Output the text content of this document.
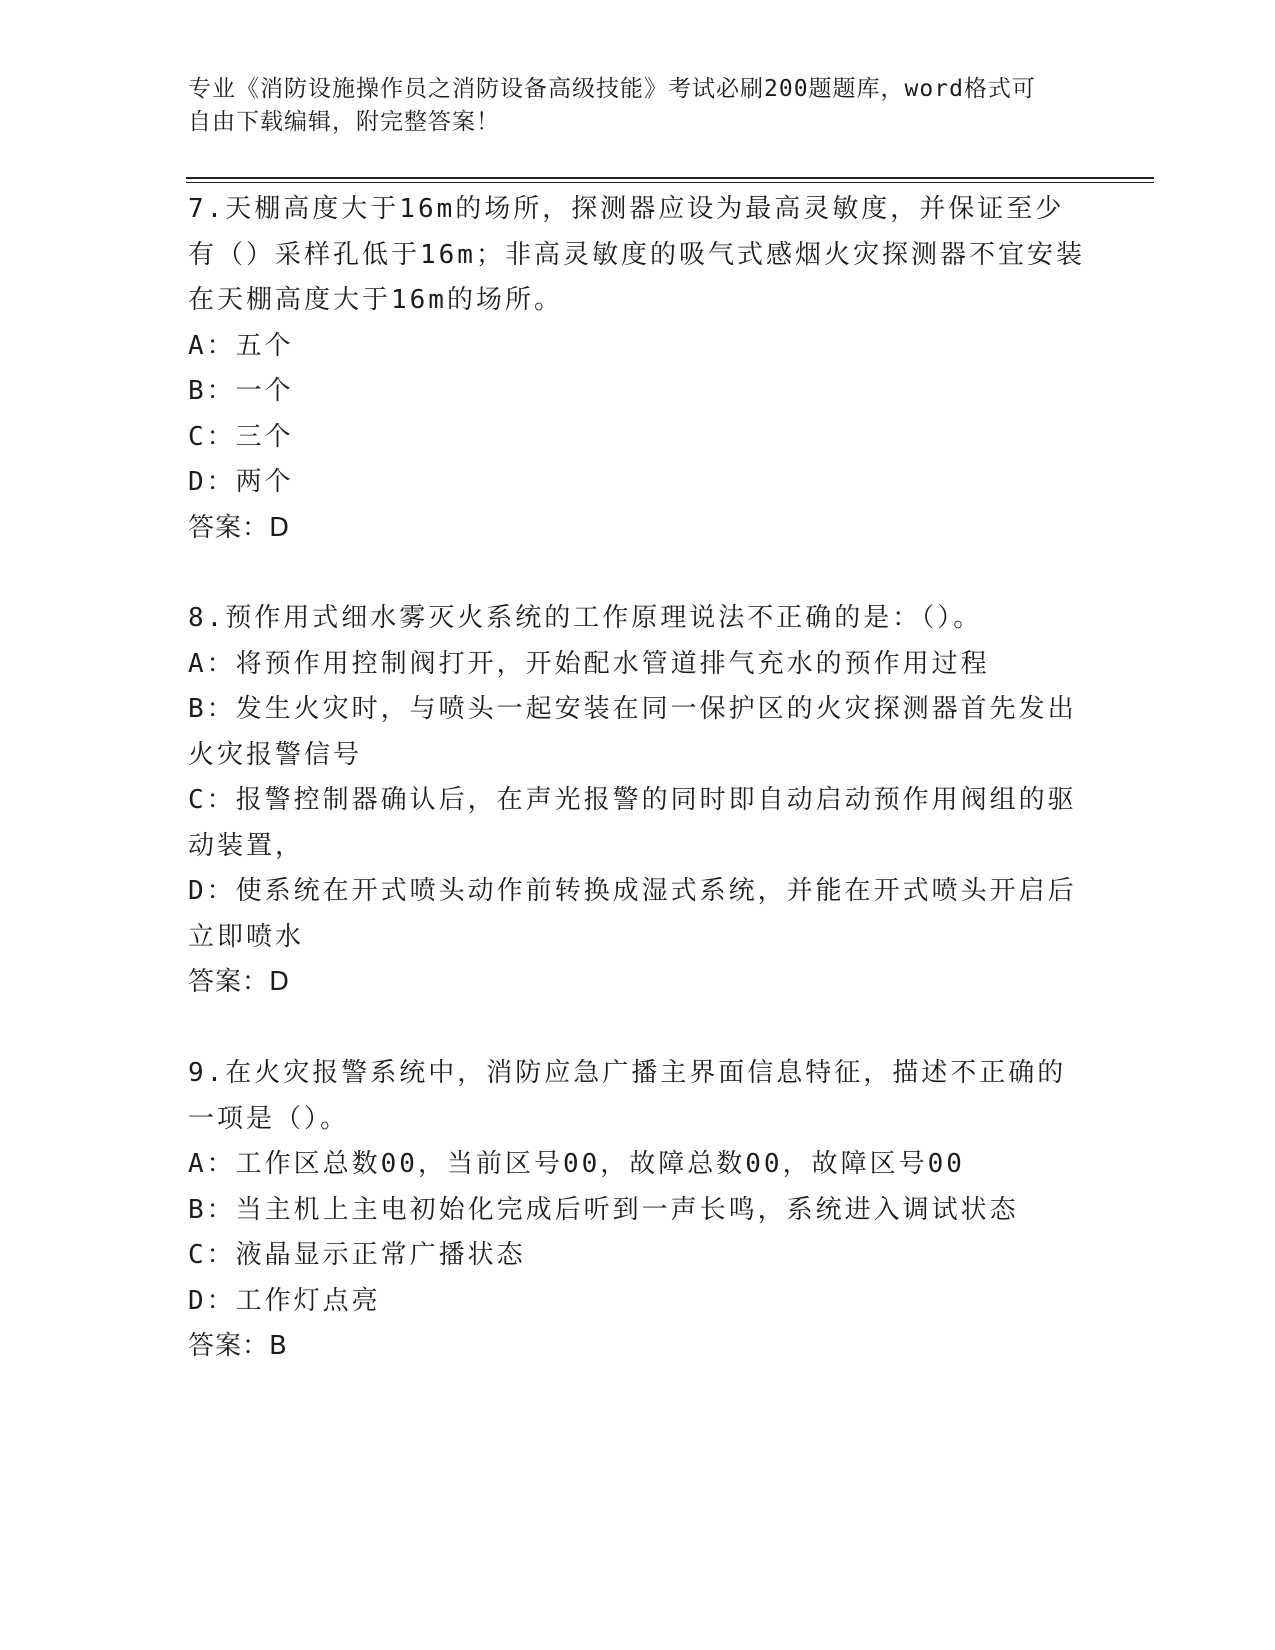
专业《消防设施操作员之消防设备高级技能》考试必刷200题题库，word格式可
自由下载编辑，附完整答案！
7.天棚高度大于16m的场所，探测器应设为最高灵敏度，并保证至少
有（）采样孔低于16m；非高灵敏度的吸气式感烟火灾探测器不宜安装
在天棚高度大于16m的场所。
A：五个
B：一个
C：三个
D：两个
答案：D
8.预作用式细水雾灭火系统的工作原理说法不正确的是：（）。
A：将预作用控制阀打开，开始配水管道排气充水的预作用过程
B：发生火灾时，与喷头一起安装在同一保护区的火灾探测器首先发出
火灾报警信号
C：报警控制器确认后，在声光报警的同时即自动启动预作用阀组的驱
动装置，
D：使系统在开式喷头动作前转换成湿式系统，并能在开式喷头开启后
立即喷水
答案：D
9.在火灾报警系统中，消防应急广播主界面信息特征，描述不正确的
一项是（）。
A：工作区总数00，当前区号00，故障总数00，故障区号00
B：当主机上主电初始化完成后听到一声长鸣，系统进入调试状态
C：液晶显示正常广播状态
D：工作灯点亮
答案：B
